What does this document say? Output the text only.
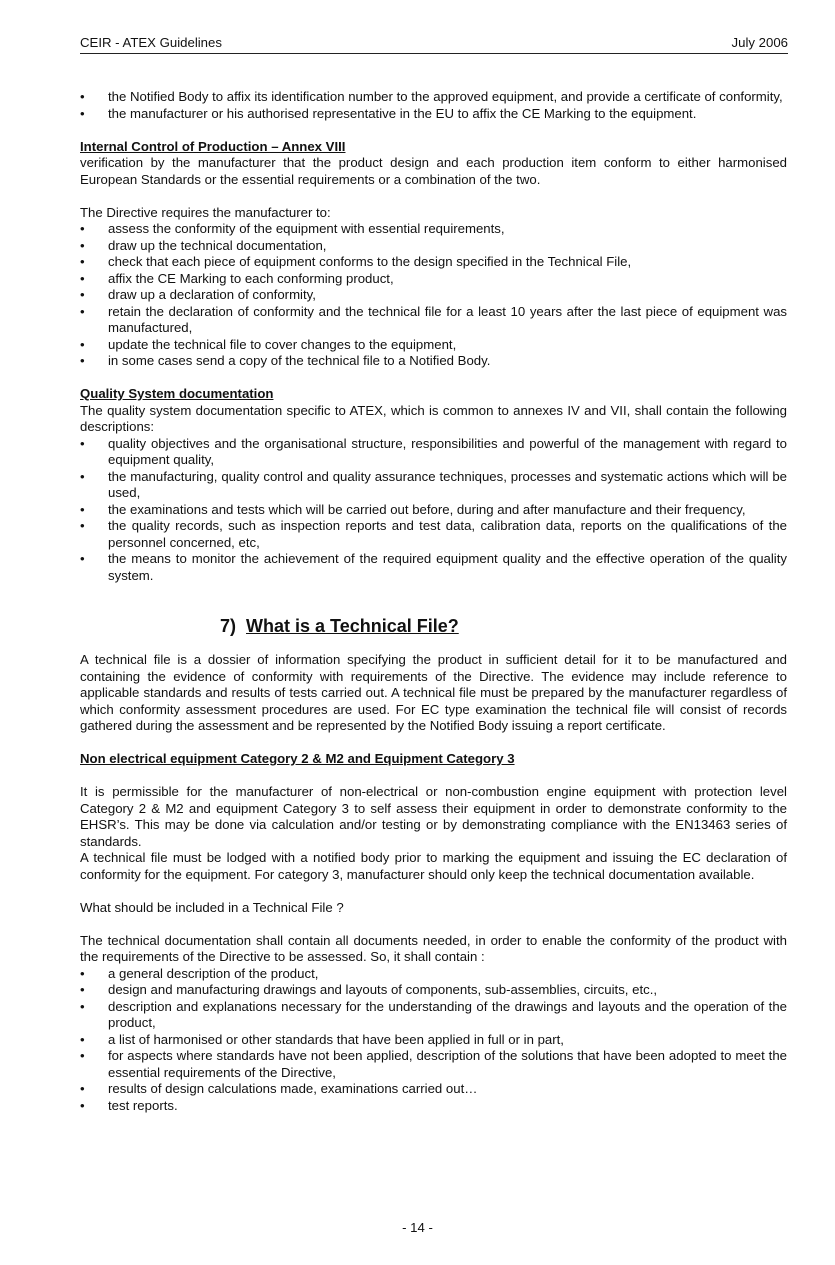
CEIR - ATEX Guidelines	July 2006
• the Notified Body to affix its identification number to the approved equipment, and provide a certificate of conformity,
• the manufacturer or his authorised representative in the EU to affix the CE Marking to the equipment.

Internal Control of Production – Annex VIII

verification by the manufacturer that the product design and each production item conform to either harmonised European Standards or the essential requirements or a combination of the two.

The Directive requires the manufacturer to:

• assess the conformity of the equipment with essential requirements,
• draw up the technical documentation,
• check that each piece of equipment conforms to the design specified in the Technical File,
• affix the CE Marking to each conforming product,
• draw up a declaration of conformity,
• retain the declaration of conformity and the technical file for a least 10 years after the last piece of equipment was manufactured,
• update the technical file to cover changes to the equipment,
• in some cases send a copy of the technical file to a Notified Body.

Quality System documentation

The quality system documentation specific to ATEX, which is common to annexes IV and VII, shall contain the following descriptions:

• quality objectives and the organisational structure, responsibilities and powerful of the management with regard to equipment quality,
• the manufacturing, quality control and quality assurance techniques, processes and systematic actions which will be used,
• the examinations and tests which will be carried out before, during and after manufacture and their frequency,
• the quality records, such as inspection reports and test data, calibration data, reports on the qualifications of the personnel concerned, etc,
• the means to monitor the achievement of the required equipment quality and the effective operation of the quality system.

7) What is a Technical File?

A technical file is a dossier of information specifying the product in sufficient detail for it to be manufactured and containing the evidence of conformity with requirements of the Directive. The evidence may include reference to applicable standards and results of tests carried out. A technical file must be prepared by the manufacturer regardless of which conformity assessment procedures are used. For EC type examination the technical file will consist of records gathered during the assessment and be represented by the Notified Body issuing a report certificate.

Non electrical equipment Category 2 & M2 and Equipment Category 3

It is permissible for the manufacturer of non-electrical or non-combustion engine equipment with protection level Category 2 & M2 and equipment Category 3 to self assess their equipment in order to demonstrate conformity to the EHSR’s. This may be done via calculation and/or testing or by demonstrating compliance with the EN13463 series of standards.

A technical file must be lodged with a notified body prior to marking the equipment and issuing the EC declaration of conformity for the equipment. For category 3, manufacturer should only keep the technical documentation available.

What should be included in a Technical File ?

The technical documentation shall contain all documents needed, in order to enable the conformity of the product with the requirements of the Directive to be assessed. So, it shall contain :

• a general description of the product,
• design and manufacturing drawings and layouts of components, sub-assemblies, circuits, etc.,
• description and explanations necessary for the understanding of the drawings and layouts and the operation of the product,
• a list of harmonised or other standards that have been applied in full or in part,
• for aspects where standards have not been applied, description of the solutions that have been adopted to meet the essential requirements of the Directive,
• results of design calculations made, examinations carried out…
• test reports.
- 14 -
